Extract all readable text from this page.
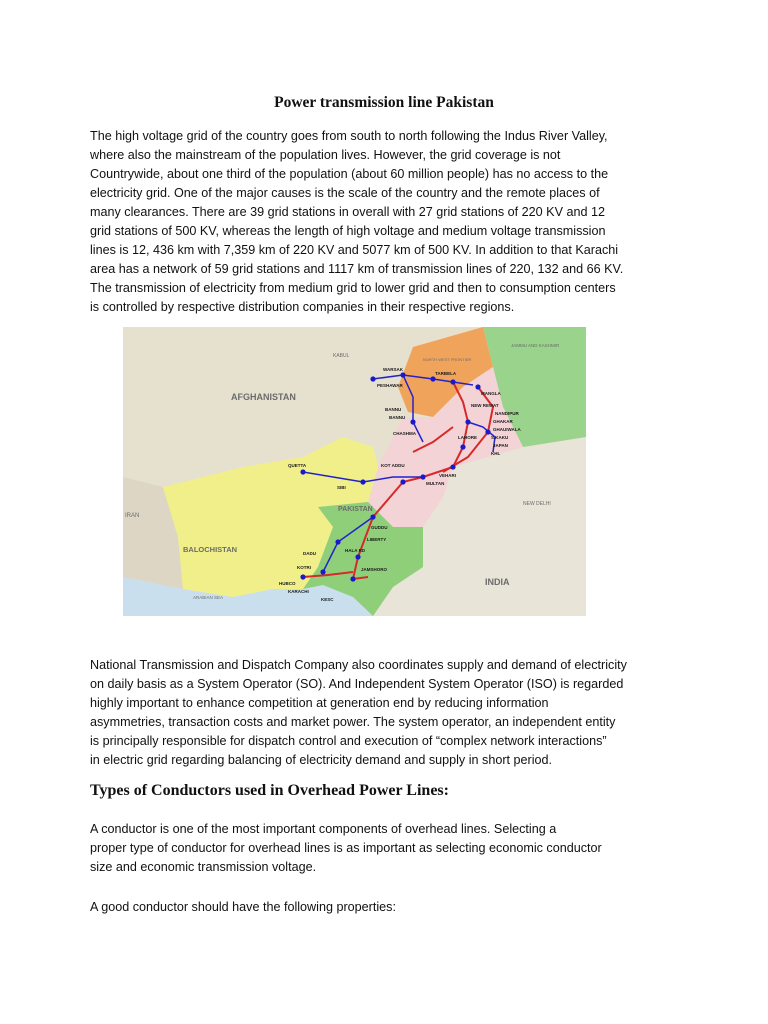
Power transmission line Pakistan
The high voltage grid of the country goes from south to north following the Indus River Valley,
where also the mainstream of the population lives. However, the grid coverage is not
Countrywide, about one third of the population (about 60 million people) has no access to the
electricity grid. One of the major causes is the scale of the country and the remote places of
many clearances. There are 39 grid stations in overall with 27 grid stations of 220 KV and 12
grid stations of 500 KV, whereas the length of high voltage and medium voltage transmission
lines is 12, 436 km with 7,359 km of 220 KV and 5077 km of 500 KV. In addition to that Karachi
area has a network of 59 grid stations and 1117 km of transmission lines of 220, 132 and 66 KV.
The transmission of electricity from medium grid to lower grid and then to consumption centers
is controlled by respective distribution companies in their respective regions.
AFGHANISTAN
PAKISTAN
BALOCHISTAN
IRAN
INDIA
KABUL
JAMMU AND KASHMIR
NEW DELHI
ARABIAN SEA
NORTH WEST FRONTIER
TARBELA
MANGLA
WARSAK
PESHAWAR
NEW REWAT
GHAKAR
GHAUIWALA
S.KAKU
KHL
JAPAN
LAHORE
KOT ADDU
MULTAN
GUDDU
QUETTA
DADU
HALA RD
JAMSHORO
HUBCO
KOTRI
KARACHI
BANNU
CHASHMA
VEHARI
SIBI
LIBERTY
BANNU
NANDIPUR
KESC
National Transmission and Dispatch Company also coordinates supply and demand of electricity
on daily basis as a System Operator (SO). And Independent System Operator (ISO) is regarded
highly important to enhance competition at generation end by reducing information
asymmetries, transaction costs and market power. The system operator, an independent entity
is principally responsible for dispatch control and execution of “complex network interactions”
in electric grid regarding balancing of electricity demand and supply in short period.
Types of Conductors used in Overhead Power Lines:
A conductor is one of the most important components of overhead lines. Selecting a
proper type of conductor for overhead lines is as important as selecting economic conductor
size and economic transmission voltage.
A good conductor should have the following properties:
